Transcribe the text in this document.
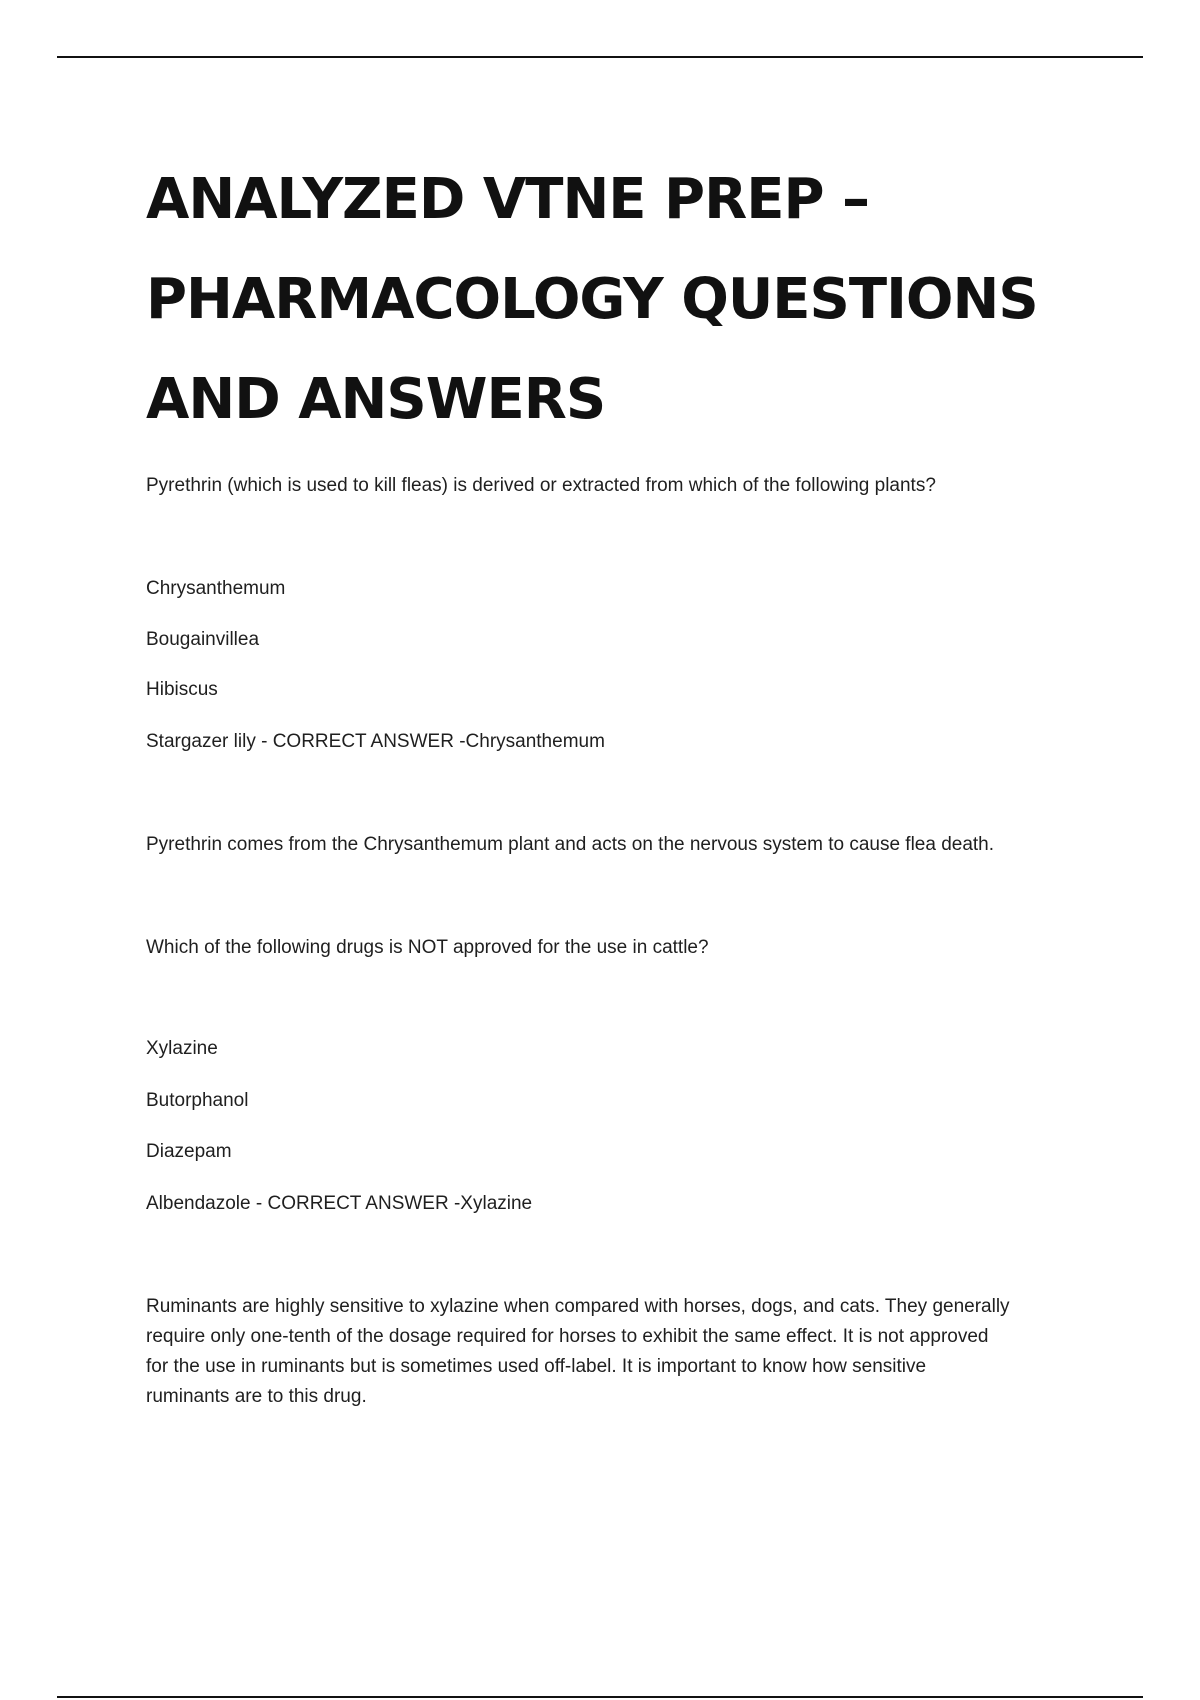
ANALYZED VTNE PREP –
PHARMACOLOGY QUESTIONS
AND ANSWERS

Pyrethrin (which is used to kill fleas) is derived or extracted from which of the following plants?

Chrysanthemum

Bougainvillea

Hibiscus

Stargazer lily - CORRECT ANSWER -Chrysanthemum

Pyrethrin comes from the Chrysanthemum plant and acts on the nervous system to cause flea death.

Which of the following drugs is NOT approved for the use in cattle?

Xylazine

Butorphanol

Diazepam

Albendazole - CORRECT ANSWER -Xylazine

Ruminants are highly sensitive to xylazine when compared with horses, dogs, and cats. They generally
require only one-tenth of the dosage required for horses to exhibit the same effect. It is not approved
for the use in ruminants but is sometimes used off-label. It is important to know how sensitive
ruminants are to this drug.
